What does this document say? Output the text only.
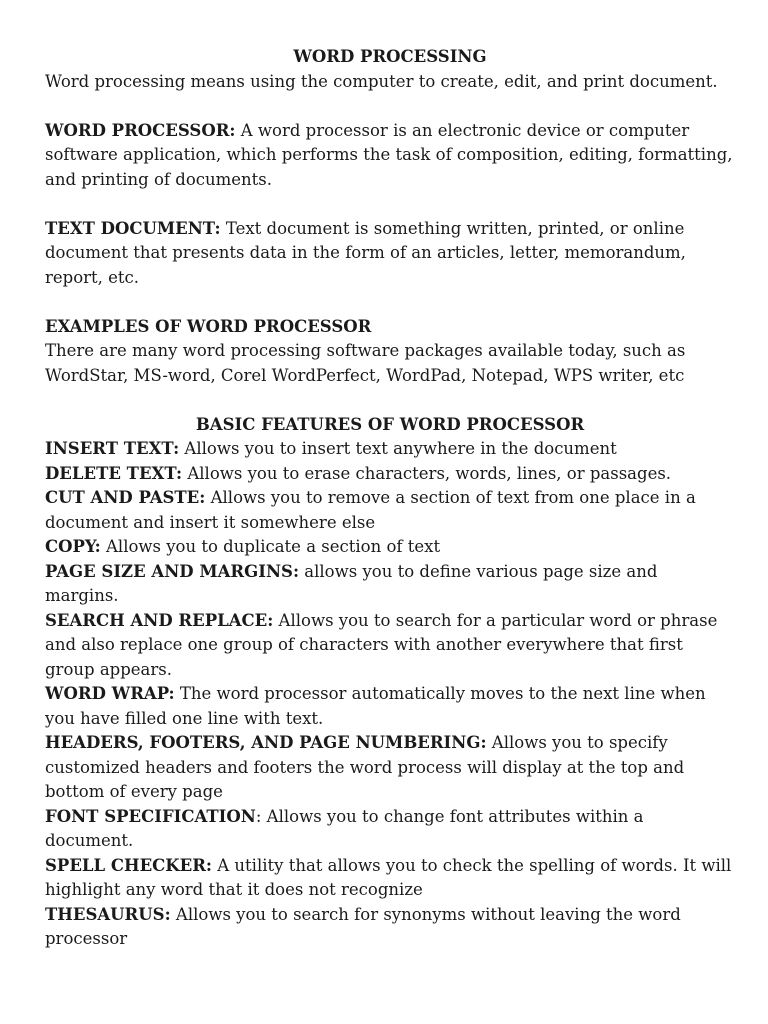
WORD PROCESSING

Word processing means using the computer to create, edit, and print document.

WORD PROCESSOR: A word processor is an electronic device or computer software application, which performs the task of composition, editing, formatting, and printing of documents.

TEXT DOCUMENT: Text document is something written, printed, or online document that presents data in the form of an articles, letter, memorandum, report, etc.

EXAMPLES OF WORD PROCESSOR

There are many word processing software packages available today, such as WordStar, MS-word, Corel WordPerfect, WordPad, Notepad, WPS writer, etc

BASIC FEATURES OF WORD PROCESSOR

INSERT TEXT: Allows you to insert text anywhere in the document

DELETE TEXT: Allows you to erase characters, words, lines, or passages.

CUT AND PASTE: Allows you to remove a section of text from one place in a document and insert it somewhere else

COPY: Allows you to duplicate a section of text

PAGE SIZE AND MARGINS: allows you to define various page size and margins.

SEARCH AND REPLACE: Allows you to search for a particular word or phrase and also replace one group of characters with another everywhere that first group appears.

WORD WRAP: The word processor automatically moves to the next line when you have filled one line with text.

HEADERS, FOOTERS, AND PAGE NUMBERING: Allows you to specify customized headers and footers the word process will display at the top and bottom of every page

FONT SPECIFICATION: Allows you to change font attributes within a document.

SPELL CHECKER: A utility that allows you to check the spelling of words. It will highlight any word that it does not recognize

THESAURUS: Allows you to search for synonyms without leaving the word processor
